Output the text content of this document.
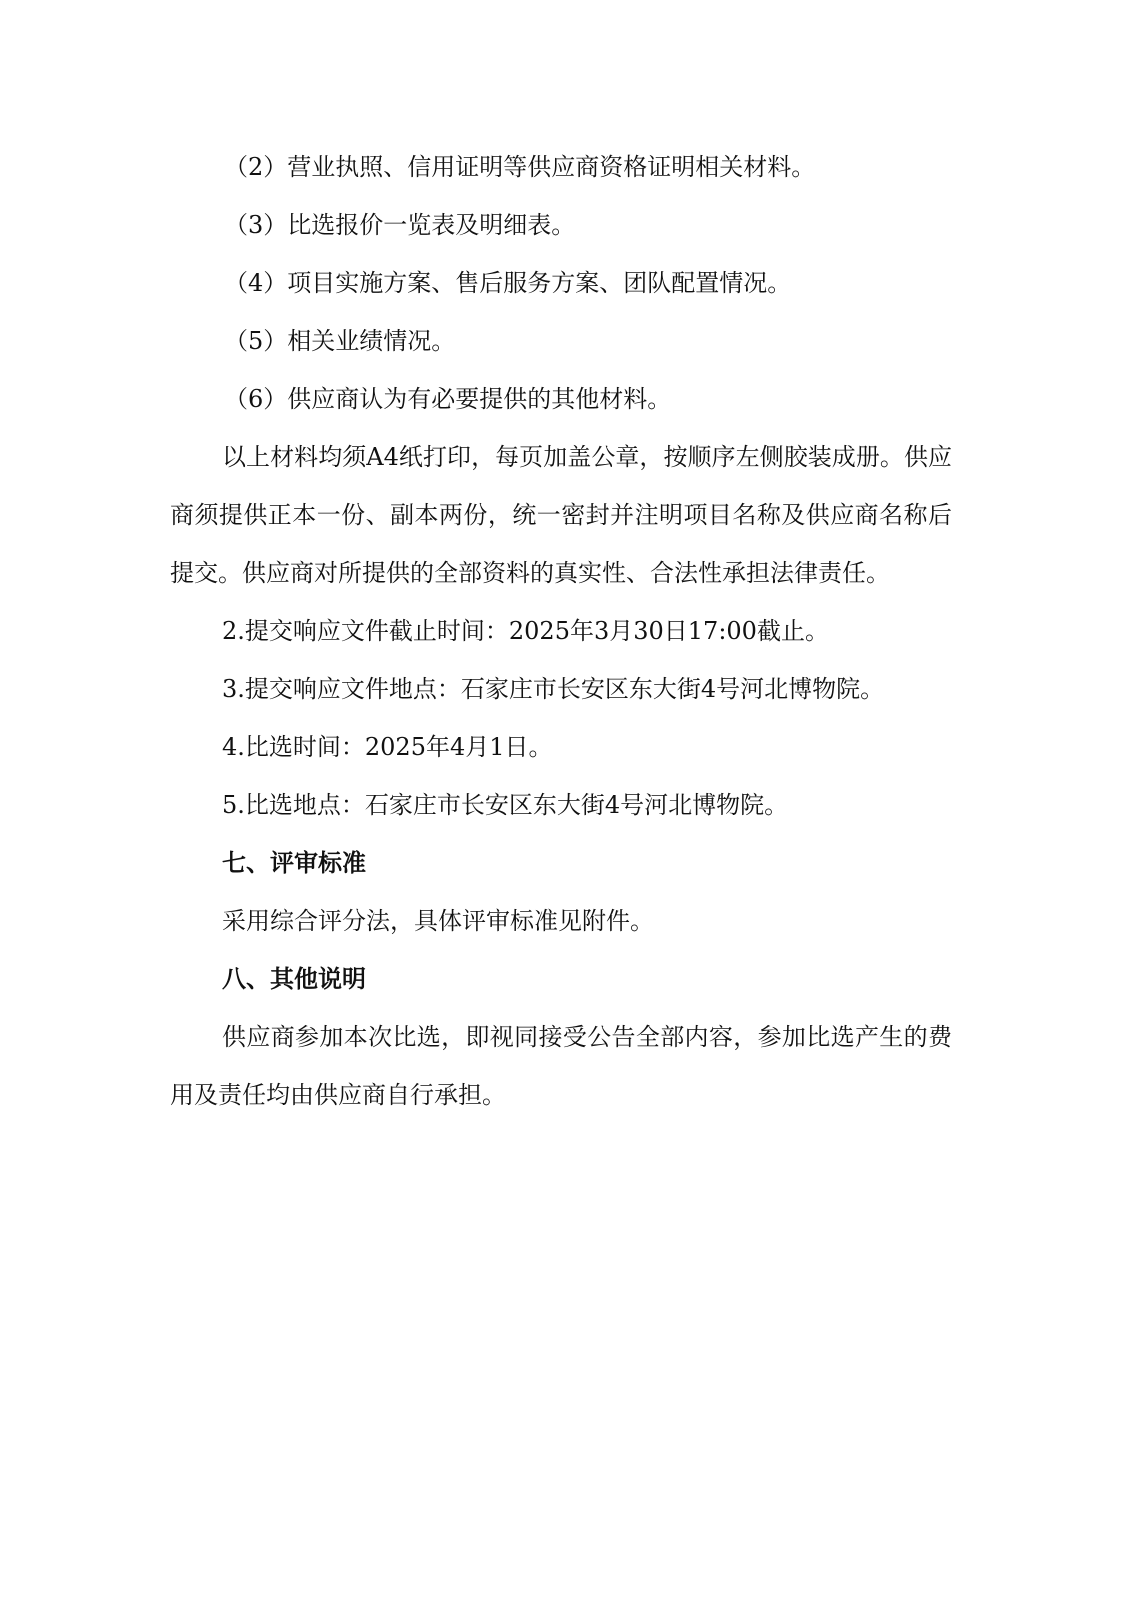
（2）营业执照、信用证明等供应商资格证明相关材料。

（3）比选报价一览表及明细表。

（4）项目实施方案、售后服务方案、团队配置情况。

（5）相关业绩情况。

（6）供应商认为有必要提供的其他材料。

以上材料均须A4纸打印，每页加盖公章，按顺序左侧胶装成册。供应商须提供正本一份、副本两份，统一密封并注明项目名称及供应商名称后提交。供应商对所提供的全部资料的真实性、合法性承担法律责任。

2.提交响应文件截止时间：2025年3月30日17:00截止。

3.提交响应文件地点：石家庄市长安区东大街4号河北博物院。

4.比选时间：2025年4月1日。

5.比选地点：石家庄市长安区东大街4号河北博物院。

七、评审标准

采用综合评分法，具体评审标准见附件。

八、其他说明

供应商参加本次比选，即视同接受公告全部内容，参加比选产生的费用及责任均由供应商自行承担。
